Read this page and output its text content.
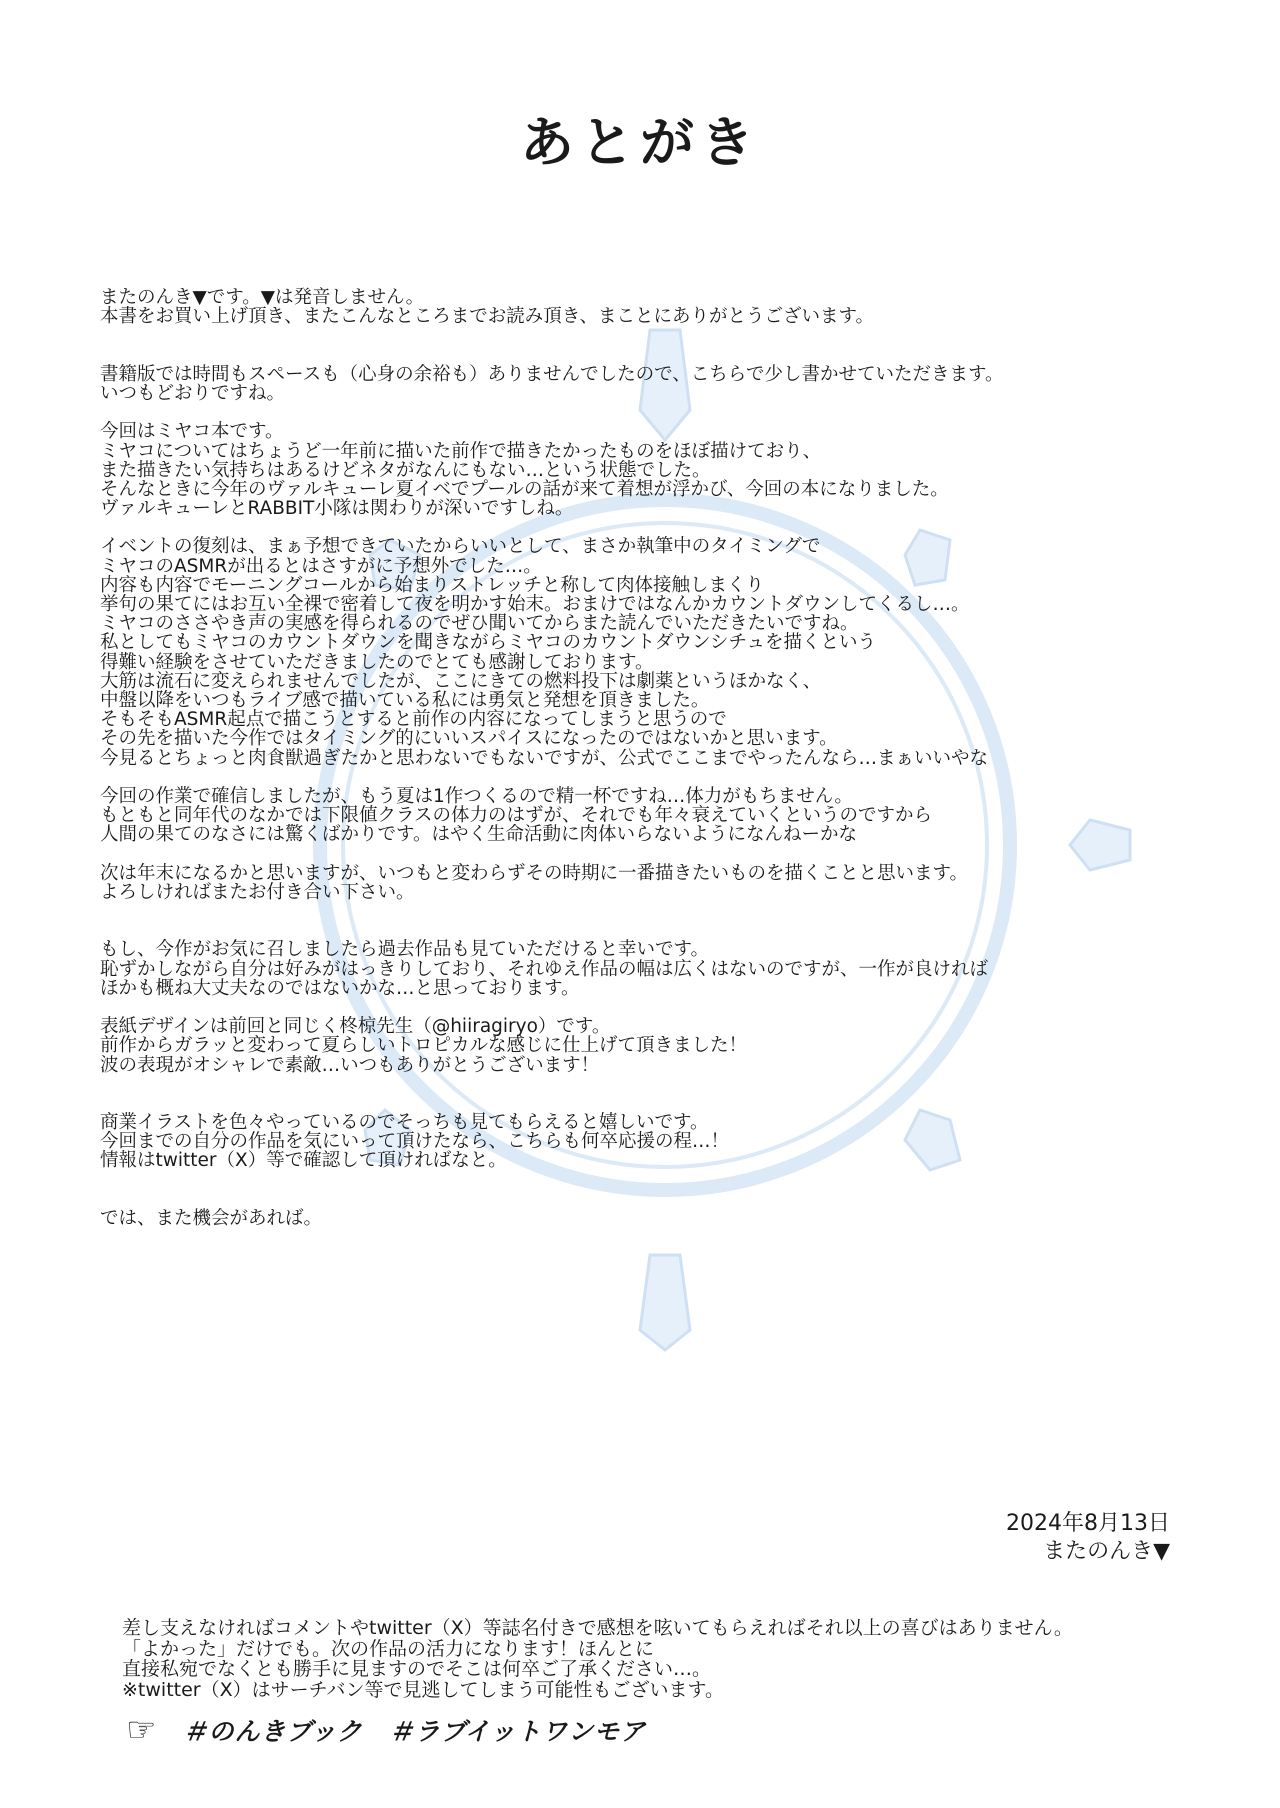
あとがき
またのんき▼です。▼は発音しません。
本書をお買い上げ頂き、またこんなところまでお読み頂き、まことにありがとうございます。
書籍版では時間もスペースも（心身の余裕も）ありませんでしたので、こちらで少し書かせていただきます。
いつもどおりですね。
今回はミヤコ本です。
ミヤコについてはちょうど一年前に描いた前作で描きたかったものをほぼ描けており、
また描きたい気持ちはあるけどネタがなんにもない…という状態でした。
そんなときに今年のヴァルキューレ夏イベでプールの話が来て着想が浮かび、今回の本になりました。
ヴァルキューレとRABBIT小隊は関わりが深いですしね。
イベントの復刻は、まぁ予想できていたからいいとして、まさか執筆中のタイミングで
ミヤコのASMRが出るとはさすがに予想外でした…。
内容も内容でモーニングコールから始まりストレッチと称して肉体接触しまくり
挙句の果てにはお互い全裸で密着して夜を明かす始末。おまけではなんかカウントダウンしてくるし…。
ミヤコのささやき声の実感を得られるのでぜひ聞いてからまた読んでいただきたいですね。
私としてもミヤコのカウントダウンを聞きながらミヤコのカウントダウンシチュを描くという
得難い経験をさせていただきましたのでとても感謝しております。
大筋は流石に変えられませんでしたが、ここにきての燃料投下は劇薬というほかなく、
中盤以降をいつもライブ感で描いている私には勇気と発想を頂きました。
そもそもASMR起点で描こうとすると前作の内容になってしまうと思うので
その先を描いた今作ではタイミング的にいいスパイスになったのではないかと思います。
今見るとちょっと肉食獣過ぎたかと思わないでもないですが、公式でここまでやったんなら…まぁいいやな
今回の作業で確信しましたが、もう夏は1作つくるので精一杯ですね…体力がもちません。
もともと同年代のなかでは下限値クラスの体力のはずが、それでも年々衰えていくというのですから
人間の果てのなさには驚くばかりです。はやく生命活動に肉体いらないようになんねーかな
次は年末になるかと思いますが、いつもと変わらずその時期に一番描きたいものを描くことと思います。
よろしければまたお付き合い下さい。
もし、今作がお気に召しましたら過去作品も見ていただけると幸いです。
恥ずかしながら自分は好みがはっきりしており、それゆえ作品の幅は広くはないのですが、一作が良ければ
ほかも概ね大丈夫なのではないかな…と思っております。
表紙デザインは前回と同じく柊椋先生（@hiiragiryo）です。
前作からガラッと変わって夏らしいトロピカルな感じに仕上げて頂きました！
波の表現がオシャレで素敵…いつもありがとうございます！
商業イラストを色々やっているのでそっちも見てもらえると嬉しいです。
今回までの自分の作品を気にいって頂けたなら、こちらも何卒応援の程…！
情報はtwitter（X）等で確認して頂ければなと。
では、また機会があれば。
2024年8月13日
またのんき▼
差し支えなければコメントやtwitter（X）等誌名付きで感想を呟いてもらえればそれ以上の喜びはありません。
「よかった」だけでも。次の作品の活力になります！ほんとに
直接私宛でなくとも勝手に見ますのでそこは何卒ご了承ください…。
※twitter（X）はサーチバン等で見逃してしまう可能性もございます。
☞ ＃のんきブック ＃ラブイットワンモア
